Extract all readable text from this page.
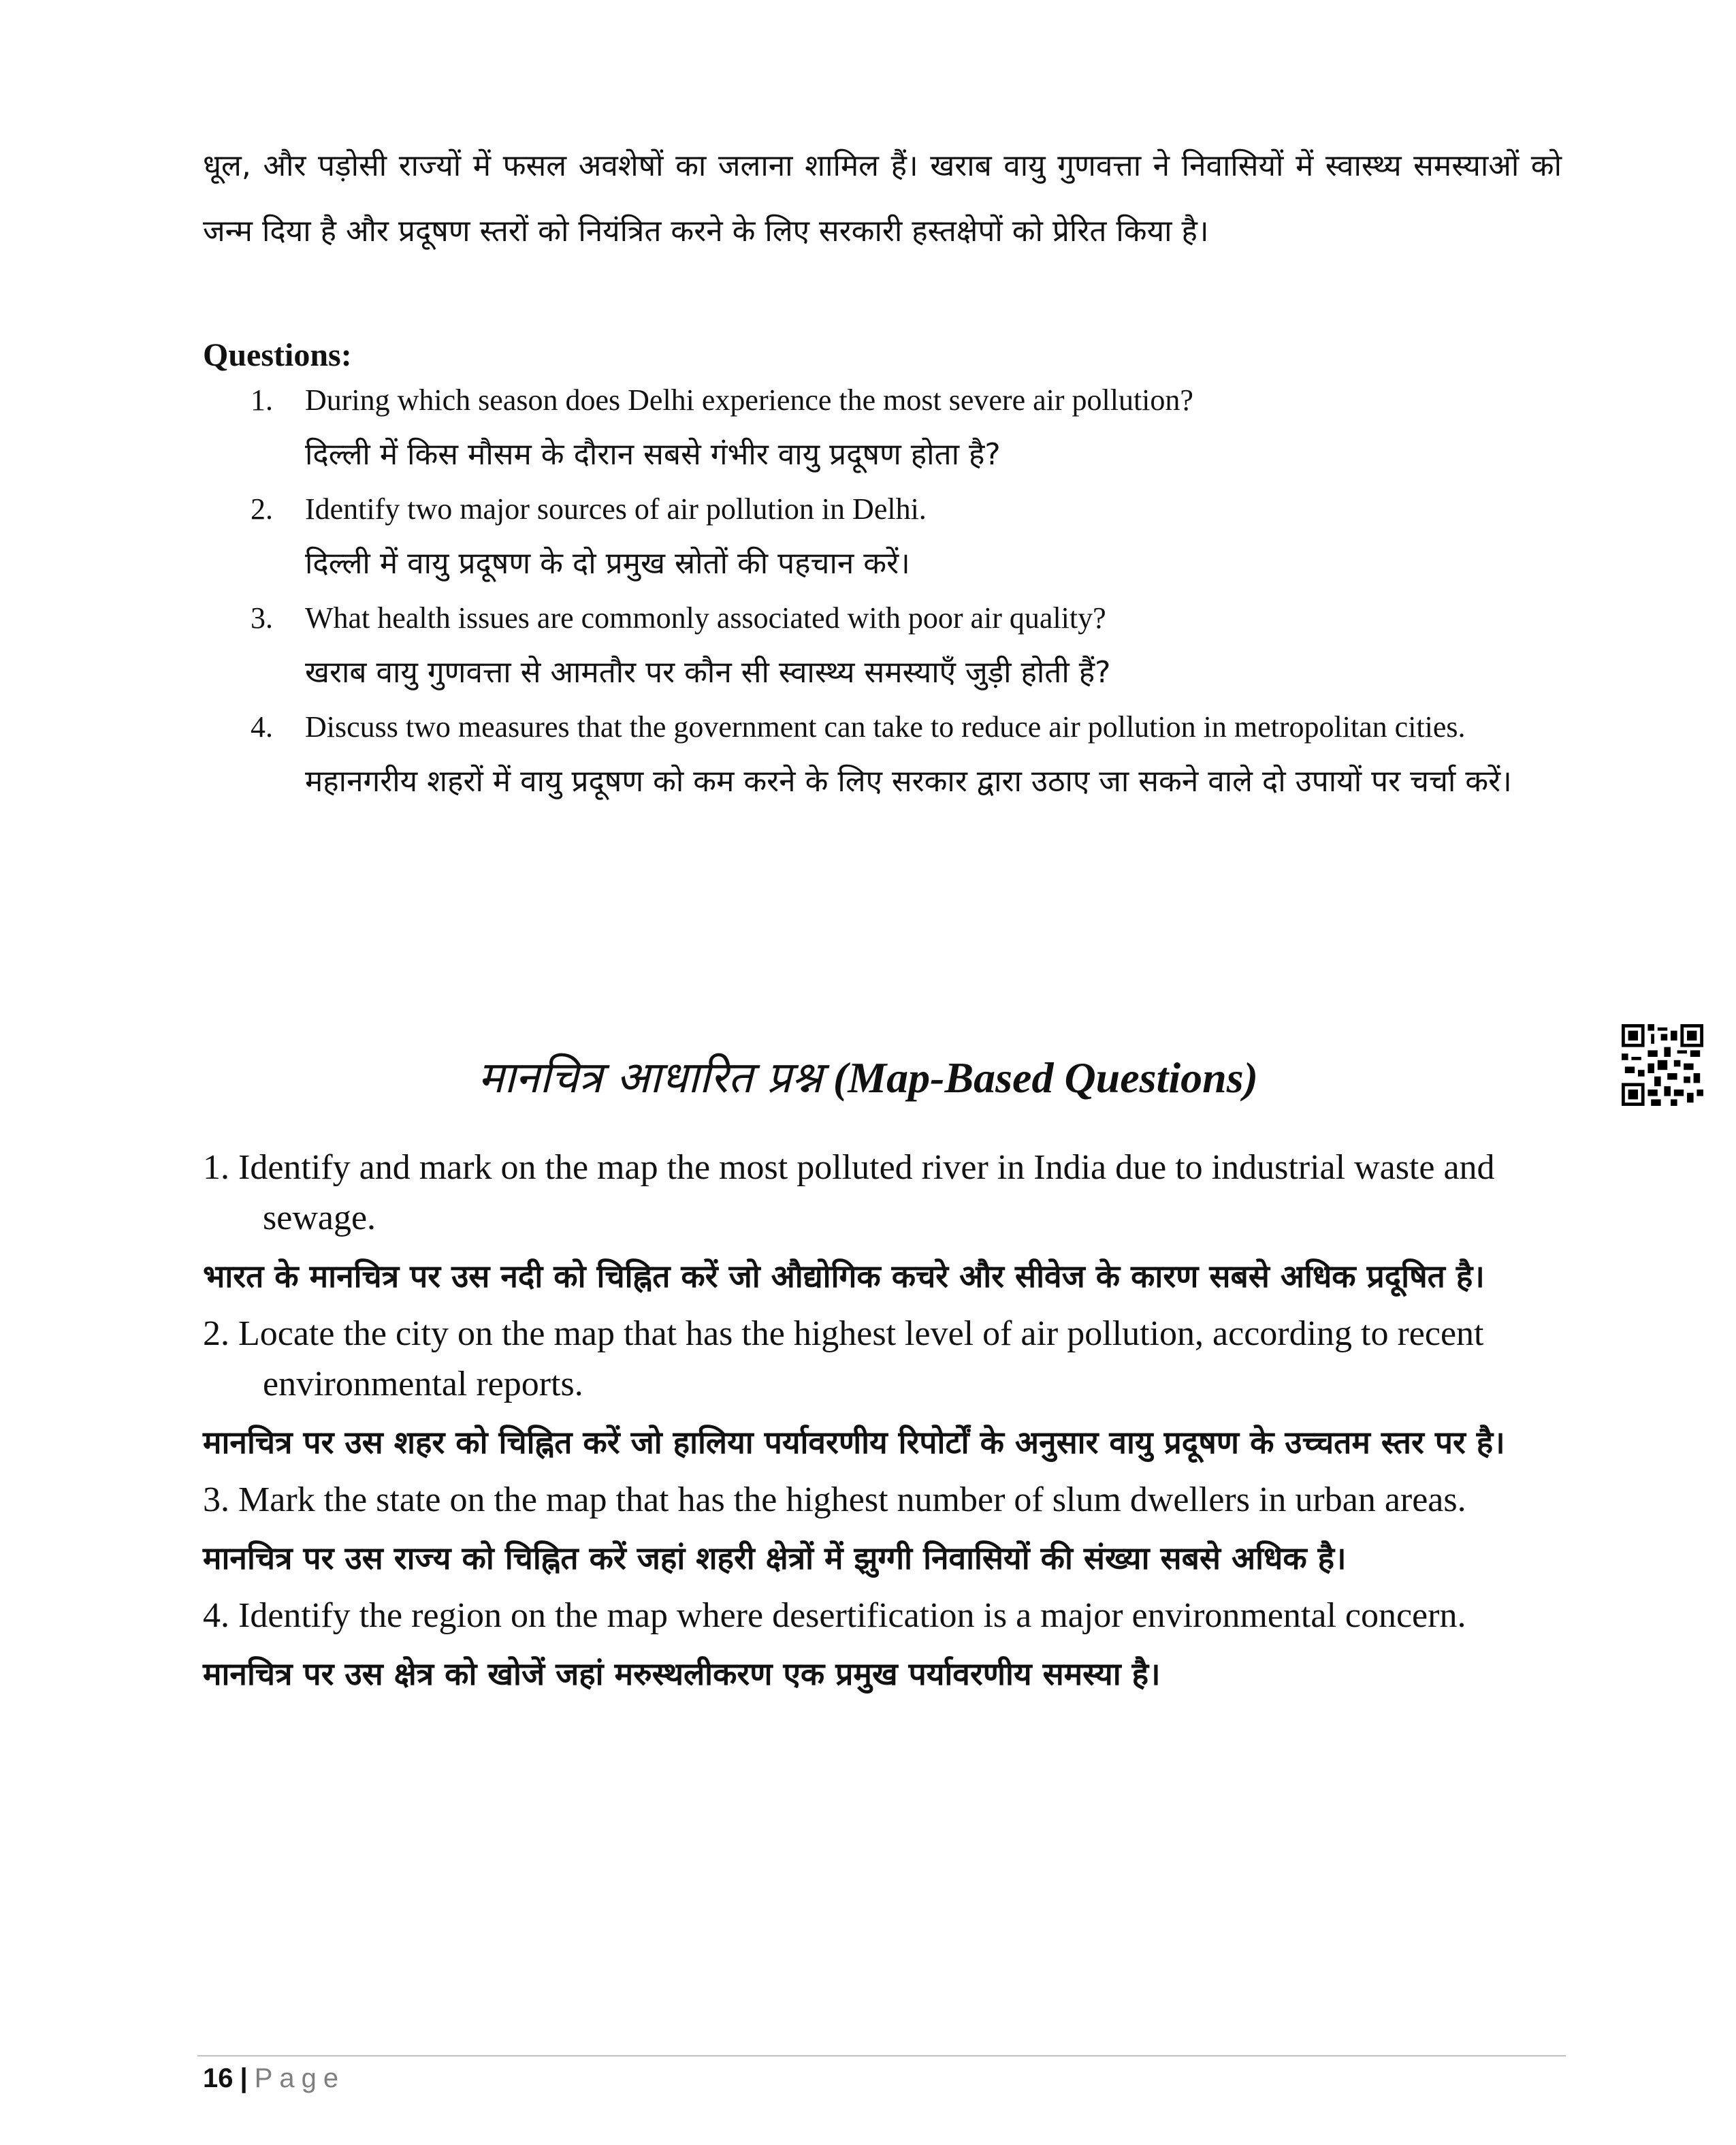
धूल, और पड़ोसी राज्यों में फसल अवशेषों का जलाना शामिल हैं। खराब वायु गुणवत्ता ने निवासियों में स्वास्थ्य समस्याओं को जन्म दिया है और प्रदूषण स्तरों को नियंत्रित करने के लिए सरकारी हस्तक्षेपों को प्रेरित किया है।

Questions:
1. During which season does Delhi experience the most severe air pollution?
दिल्ली में किस मौसम के दौरान सबसे गंभीर वायु प्रदूषण होता है?
2. Identify two major sources of air pollution in Delhi.
दिल्ली में वायु प्रदूषण के दो प्रमुख स्रोतों की पहचान करें।
3. What health issues are commonly associated with poor air quality?
खराब वायु गुणवत्ता से आमतौर पर कौन सी स्वास्थ्य समस्याएँ जुड़ी होती हैं?
4. Discuss two measures that the government can take to reduce air pollution in metropolitan cities.
महानगरीय शहरों में वायु प्रदूषण को कम करने के लिए सरकार द्वारा उठाए जा सकने वाले दो उपायों पर चर्चा करें।
मानचित्र आधारित प्रश्न (Map-Based Questions)
1. Identify and mark on the map the most polluted river in India due to industrial waste and sewage.
भारत के मानचित्र पर उस नदी को चिह्नित करें जो औद्योगिक कचरे और सीवेज के कारण सबसे अधिक प्रदूषित है।
2. Locate the city on the map that has the highest level of air pollution, according to recent environmental reports.
मानचित्र पर उस शहर को चिह्नित करें जो हालिया पर्यावरणीय रिपोर्टों के अनुसार वायु प्रदूषण के उच्चतम स्तर पर है।
3. Mark the state on the map that has the highest number of slum dwellers in urban areas.
मानचित्र पर उस राज्य को चिह्नित करें जहां शहरी क्षेत्रों में झुग्गी निवासियों की संख्या सबसे अधिक है।
4. Identify the region on the map where desertification is a major environmental concern.
मानचित्र पर उस क्षेत्र को खोजें जहां मरुस्थलीकरण एक प्रमुख पर्यावरणीय समस्या है।
16 | Page
